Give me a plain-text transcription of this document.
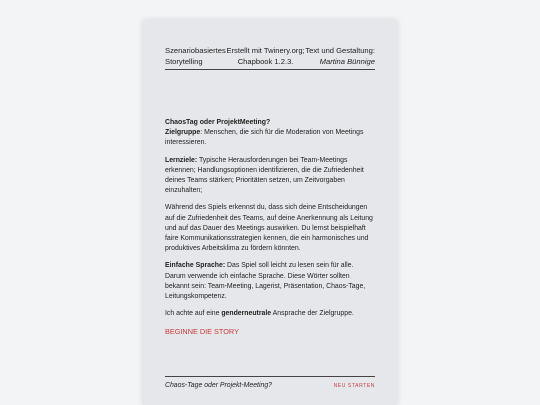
Szenariobasiertes
Storytelling
Erstellt mit Twinery.org;
Chapbook 1.2.3.
Text und Gestaltung:
Martina Bünnige

ChaosTag oder ProjektMeeting?
Zielgruppe: Menschen, die sich für die Moderation von Meetings interessieren.

Lernziele: Typische Herausforderungen bei Team-Meetings erkennen; Handlungsoptionen identifizieren, die die Zufriedenheit deines Teams stärken; Prioritäten setzen, um Zeitvorgaben einzuhalten;

Während des Spiels erkennst du, dass sich deine Entscheidungen auf die Zufriedenheit des Teams, auf deine Anerkennung als Leitung und auf das Dauer des Meetings auswirken. Du lernst beispielhaft faire Kommunikationsstrategien kennen, die ein harmonisches und produktives Arbeitsklima zu fördern könnten.

Einfache Sprache: Das Spiel soll leicht zu lesen sein für alle. Darum verwende ich einfache Sprache. Diese Wörter sollten bekannt sein: Team-Meeting, Lagerist, Präsentation, Chaos-Tage, Leitungskompetenz.

Ich achte auf eine genderneutrale Ansprache der Zielgruppe.

BEGINNE DIE STORY
Chaos-Tage oder Projekt-Meeting?	NEU STARTEN
